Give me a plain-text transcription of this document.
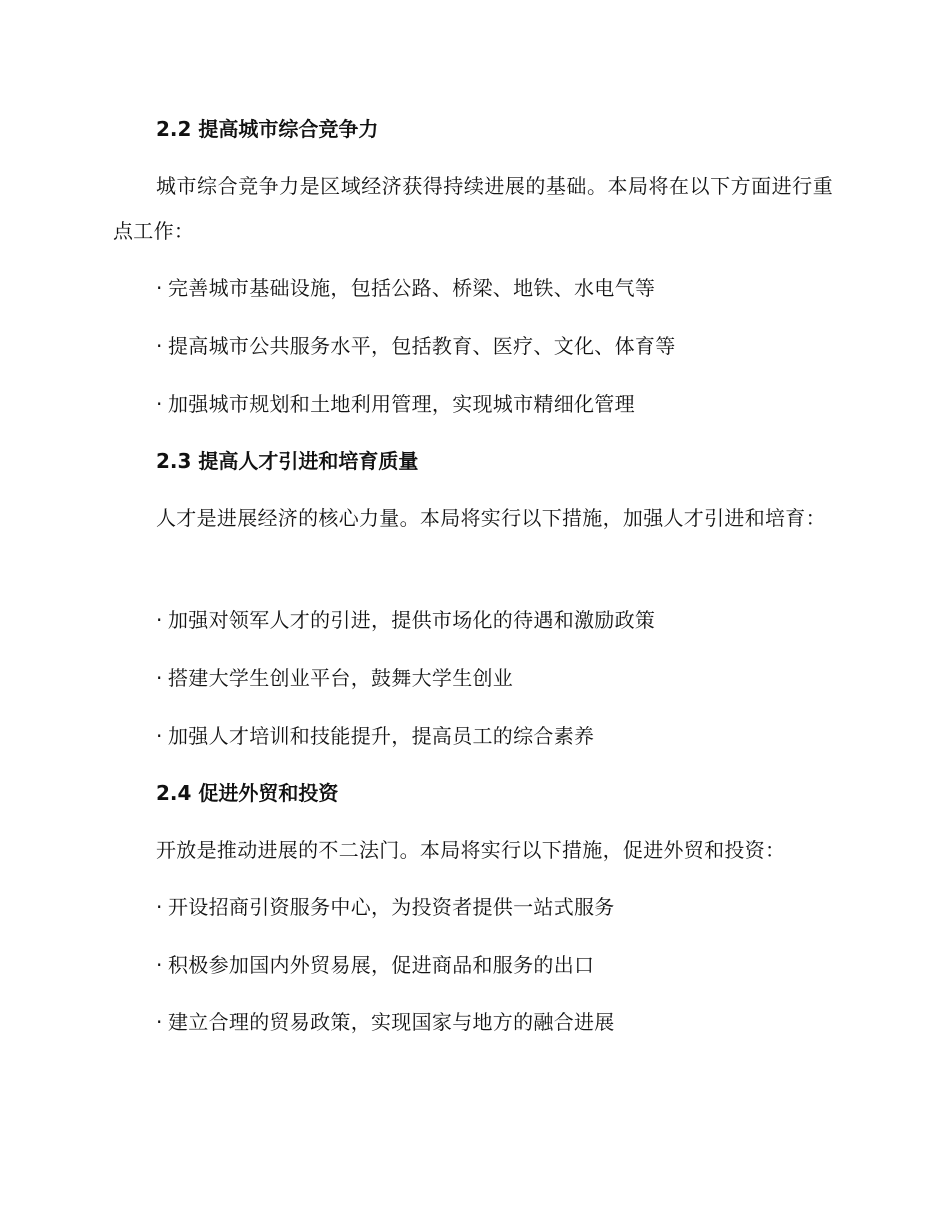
2.2 提高城市综合竞争力
城市综合竞争力是区域经济获得持续进展的基础。本局将在以下方面进行重点工作：
· 完善城市基础设施，包括公路、桥梁、地铁、水电气等
· 提高城市公共服务水平，包括教育、医疗、文化、体育等
· 加强城市规划和土地利用管理，实现城市精细化管理
2.3 提高人才引进和培育质量
人才是进展经济的核心力量。本局将实行以下措施，加强人才引进和培育：
· 加强对领军人才的引进，提供市场化的待遇和激励政策
· 搭建大学生创业平台，鼓舞大学生创业
· 加强人才培训和技能提升，提高员工的综合素养
2.4 促进外贸和投资
开放是推动进展的不二法门。本局将实行以下措施，促进外贸和投资：
· 开设招商引资服务中心，为投资者提供一站式服务
· 积极参加国内外贸易展，促进商品和服务的出口
· 建立合理的贸易政策，实现国家与地方的融合进展
